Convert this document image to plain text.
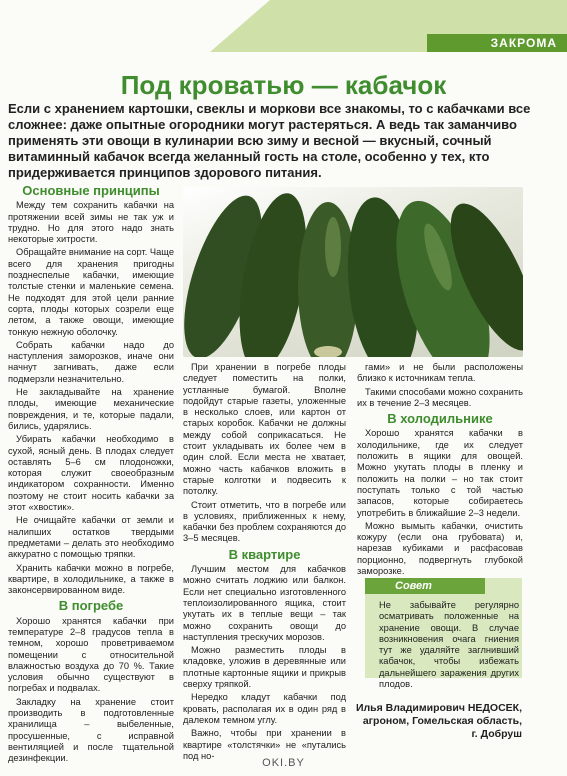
ЗАКРОМА
Под кроватью — кабачок
Если с хранением картошки, свеклы и моркови все знакомы, то с кабачками все сложнее: даже опытные огородники могут растеряться. А ведь так заманчиво применять эти овощи в кулинарии всю зиму и весной — вкусный, сочный витаминный кабачок всегда желанный гость на столе, особенно у тех, кто придерживается принципов здорового питания.
Основные принципы

Между тем сохранить кабачки на протяжении всей зимы не так уж и трудно. Но для этого надо знать некоторые хитрости.

Обращайте внимание на сорт. Чаще всего для хранения пригодны позднеспелые кабачки, имеющие толстые стенки и маленькие семена. Не подходят для этой цели ранние сорта, плоды которых созрели еще летом, а также овощи, имеющие тонкую нежную оболочку.

Собрать кабачки надо до наступления заморозков, иначе они начнут загнивать, даже если подмерзли незначительно.

Не закладывайте на хранение плоды, имеющие механические повреждения, и те, которые падали, бились, ударялись.

Убирать кабачки необходимо в сухой, ясный день. В плодах следует оставлять 5–6 см плодоножки, которая служит своеобразным индикатором сохранности. Именно поэтому не стоит носить кабачки за этот «хвостик».

Не очищайте кабачки от земли и налипших остатков твердыми предметами – делать это необходимо аккуратно с помощью тряпки.

Хранить кабачки можно в погребе, квартире, в холодильнике, а также в законсервированном виде.

В погребе

Хорошо хранятся кабачки при температуре 2–8 градусов тепла в темном, хорошо проветриваемом помещении с относительной влажностью воздуха до 70 %. Такие условия обычно существуют в погребах и подвалах.

Закладку на хранение стоит производить в подготовленные хранилища – выбеленные, просушенные, с исправной вентиляцией и после тщательной дезинфекции.

При хранении в погребе плоды следует поместить на полки, устланные бумагой. Вполне подойдут старые газеты, уложенные в несколько слоев, или картон от старых коробок. Кабачки не должны между собой соприкасаться. Не стоит укладывать их более чем в один слой. Если места не хватает, можно часть кабачков вложить в старые колготки и подвесить к потолку.

Стоит отметить, что в погребе или в условиях, приближенных к нему, кабачки без проблем сохраняются до 3–5 месяцев.

В квартире

Лучшим местом для кабачков можно считать лоджию или балкон. Если нет специально изготовленного теплоизолированного ящика, стоит укутать их в теплые вещи – так можно сохранить овощи до наступления трескучих морозов.

Можно разместить плоды в кладовке, уложив в деревянные или плотные картонные ящики и прикрыв сверху тряпкой.

Нередко кладут кабачки под кровать, располагая их в один ряд в далеком темном углу.

Важно, чтобы при хранении в квартире «толстячки» не «путались под но-

гами» и не были расположены близко к источникам тепла.

Такими способами можно сохранить их в течение 2–3 месяцев.

В холодильнике

Хорошо хранятся кабачки в холодильнике, где их следует положить в ящики для овощей. Можно укутать плоды в пленку и положить на полки – но так стоит поступать только с той частью запасов, которые собираетесь употребить в ближайшие 2–3 недели.

Можно вымыть кабачки, очистить кожуру (если она грубовата) и, нарезав кубиками и расфасовав порционно, подвергнуть глубокой заморозке.

Совет
Не забывайте регулярно осматривать положенные на хранение овощи. В случае возникновения очага гниения тут же удаляйте заглнивший кабачок, чтобы избежать дальнейшего заражения других плодов.
Илья Владимирович НЕДОСЕК,
агроном, Гомельская область,
г. Добруш
OKI.BY
